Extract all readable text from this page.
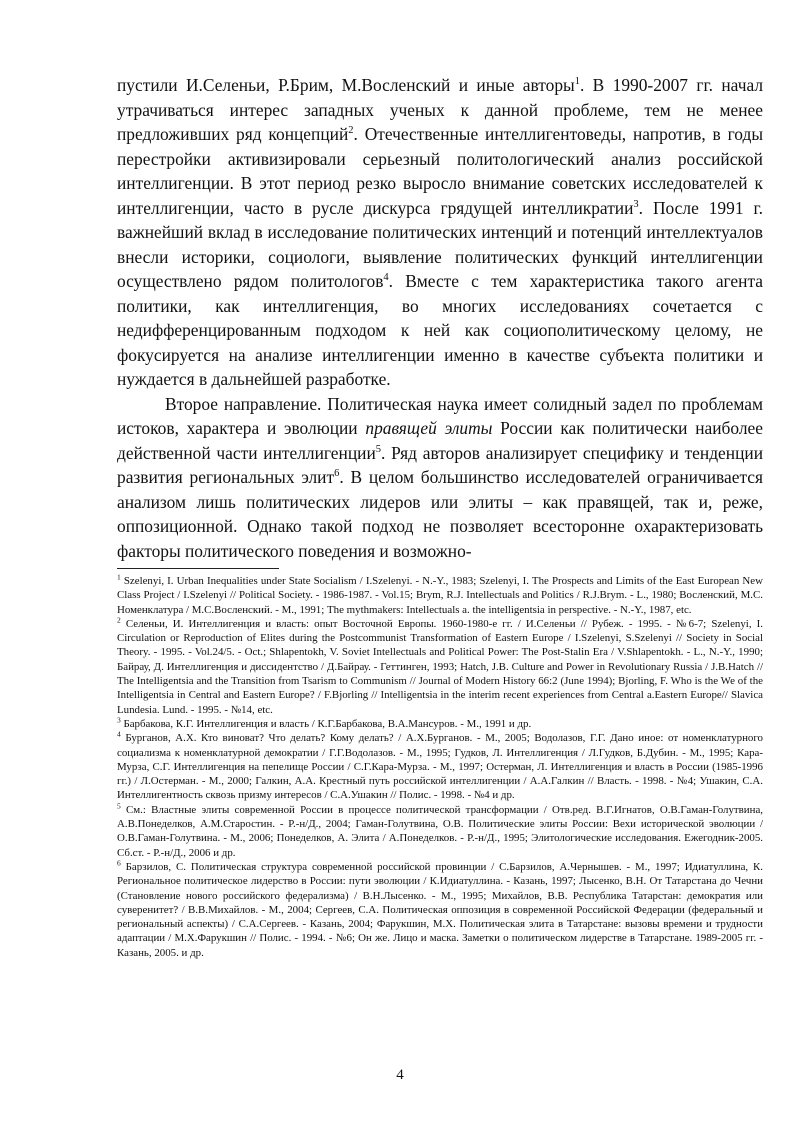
пустили И.Селеньи, Р.Брим, М.Восленский и иные авторы$^1$. В 1990-2007 гг. начал утрачиваться интерес западных ученых к данной проблеме, тем не менее предложивших ряд концепций$^2$. Отечественные интеллигентоведы, напротив, в годы перестройки активизировали серьезный политологический анализ российской интеллигенции. В этот период резко выросло внимание советских исследователей к интеллигенции, часто в русле дискурса грядущей интелликратии$^3$. После 1991 г. важнейший вклад в исследование политических интенций и потенций интеллектуалов внесли историки, социологи, выявление политических функций интеллигенции осуществлено рядом политологов$^4$. Вместе с тем характеристика такого агента политики, как интеллигенция, во многих исследованиях сочетается с недифференцированным подходом к ней как социополитическому целому, не фокусируется на анализе интеллигенции именно в качестве субъекта политики и нуждается в дальнейшей разработке.

Второе направление. Политическая наука имеет солидный задел по проблемам истоков, характера и эволюции правящей элиты России как политически наиболее действенной части интеллигенции$^5$. Ряд авторов анализирует специфику и тенденции развития региональных элит$^6$. В целом большинство исследователей ограничивается анализом лишь политических лидеров или элиты – как правящей, так и, реже, оппозиционной. Однако такой подход не позволяет всесторонне охарактеризовать факторы политического поведения и возможно-

$^1$ Szelenyi, I. Urban Inequalities under State Socialism / I.Szelenyi. - N.-Y., 1983; Szelenyi, I. The Prospects and Limits of the East European New Class Project / I.Szelenyi // Political Society. - 1986-1987. - Vol.15; Brym, R.J. Intellectuals and Politics / R.J.Brym. - L., 1980; Восленский, М.С. Номенклатура / М.С.Восленский. - М., 1991; The mythmakers: Intellectuals a. the intelligentsia in perspective. - N.-Y., 1987, etc.

$^2$ Селеньи, И. Интеллигенция и власть: опыт Восточной Европы. 1960-1980-е гг. / И.Селеньи // Рубеж. - 1995. - №6-7; Szelenyi, I. Circulation or Reproduction of Elites during the Postcommunist Transformation of Eastern Europe / I.Szelenyi, S.Szelenyi // Society in Social Theory. - 1995. - Vol.24/5. - Oct.; Shlapentokh, V. Soviet Intellectuals and Political Power: The Post-Stalin Era / V.Shlapentokh. - L., N.-Y., 1990; Байрау, Д. Интеллигенция и диссидентство / Д.Байрау. - Геттинген, 1993; Hatch, J.B. Culture and Power in Revolutionary Russia / J.B.Hatch // The Intelligentsia and the Transition from Tsarism to Communism // Journal of Modern History 66:2 (June 1994); Bjorling, F. Who is the We of the Intelligentsia in Central and Eastern Europe? / F.Bjorling // Intelligentsia in the interim recent experiences from Central a.Eastern Europe// Slavica Lundesia. Lund. - 1995. - №14, etc.

$^3$ Барбакова, К.Г. Интеллигенция и власть / К.Г.Барбакова, В.А.Мансуров. - М., 1991 и др.

$^4$ Бурганов, А.Х. Кто виноват? Что делать? Кому делать? / А.Х.Бурганов. - М., 2005; Водолазов, Г.Г. Дано иное: от номенклатурного социализма к номенклатурной демократии / Г.Г.Водолазов. - М., 1995; Гудков, Л. Интеллигенция / Л.Гудков, Б.Дубин. - М., 1995; Кара-Мурза, С.Г. Интеллигенция на пепелище России / С.Г.Кара-Мурза. - М., 1997; Остерман, Л. Интеллигенция и власть в России (1985-1996 гг.) / Л.Остерман. - М., 2000; Галкин, А.А. Крестный путь российской интеллигенции / А.А.Галкин // Власть. - 1998. - №4; Ушакин, С.А. Интеллигентность сквозь призму интересов / С.А.Ушакин // Полис. - 1998. - №4 и др.

$^5$ См.: Властные элиты современной России в процессе политической трансформации / Отв.ред. В.Г.Игнатов, О.В.Гаман-Голутвина, А.В.Понеделков, А.М.Старостин. - Р.-н/Д., 2004; Гаман-Голутвина, О.В. Политические элиты России: Вехи исторической эволюции / О.В.Гаман-Голутвина. - М., 2006; Понеделков, А. Элита / А.Понеделков. - Р.-н/Д., 1995; Элитологические исследования. Ежегодник-2005. Сб.ст. - Р.-н/Д., 2006 и др.

$^6$ Барзилов, С. Политическая структура современной российской провинции / С.Барзилов, А.Чернышев. - М., 1997; Идиатуллина, К. Региональное политическое лидерство в России: пути эволюции / К.Идиатуллина. - Казань, 1997; Лысенко, В.Н. От Татарстана до Чечни (Становление нового российского федерализма) / В.Н.Лысенко. - М., 1995; Михайлов, В.В. Республика Татарстан: демократия или суверенитет? / В.В.Михайлов. - М., 2004; Сергеев, С.А. Политическая оппозиция в современной Российской Федерации (федеральный и региональный аспекты) / С.А.Сергеев. - Казань, 2004; Фарукшин, М.Х. Политическая элита в Татарстане: вызовы времени и трудности адаптации / М.Х.Фарукшин // Полис. - 1994. - №6; Он же. Лицо и маска. Заметки о политическом лидерстве в Татарстане. 1989-2005 гг. - Казань, 2005. и др.

4
